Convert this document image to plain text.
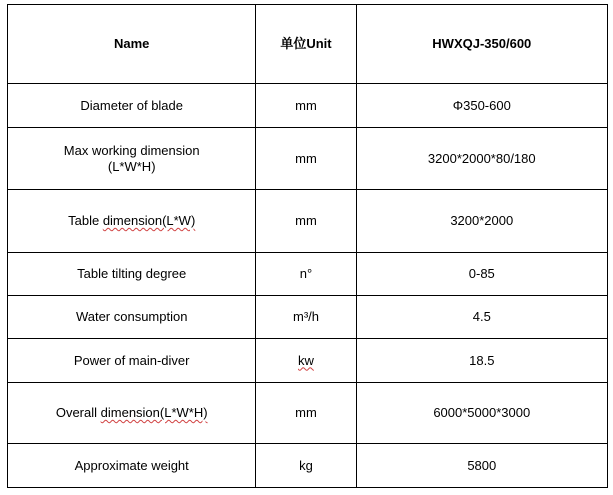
Name	单位Unit	HWXQJ-350/600
Diameter of blade	mm	Φ350-600
Max working dimension
(L*W*H)	mm	3200*2000*80/180
Table dimension(L*W)	mm	3200*2000
Table tilting degree	n°	0-85
Water consumption	m³/h	4.5
Power of main-diver	kw	18.5
Overall dimension(L*W*H)	mm	6000*5000*3000
Approximate weight	kg	5800
